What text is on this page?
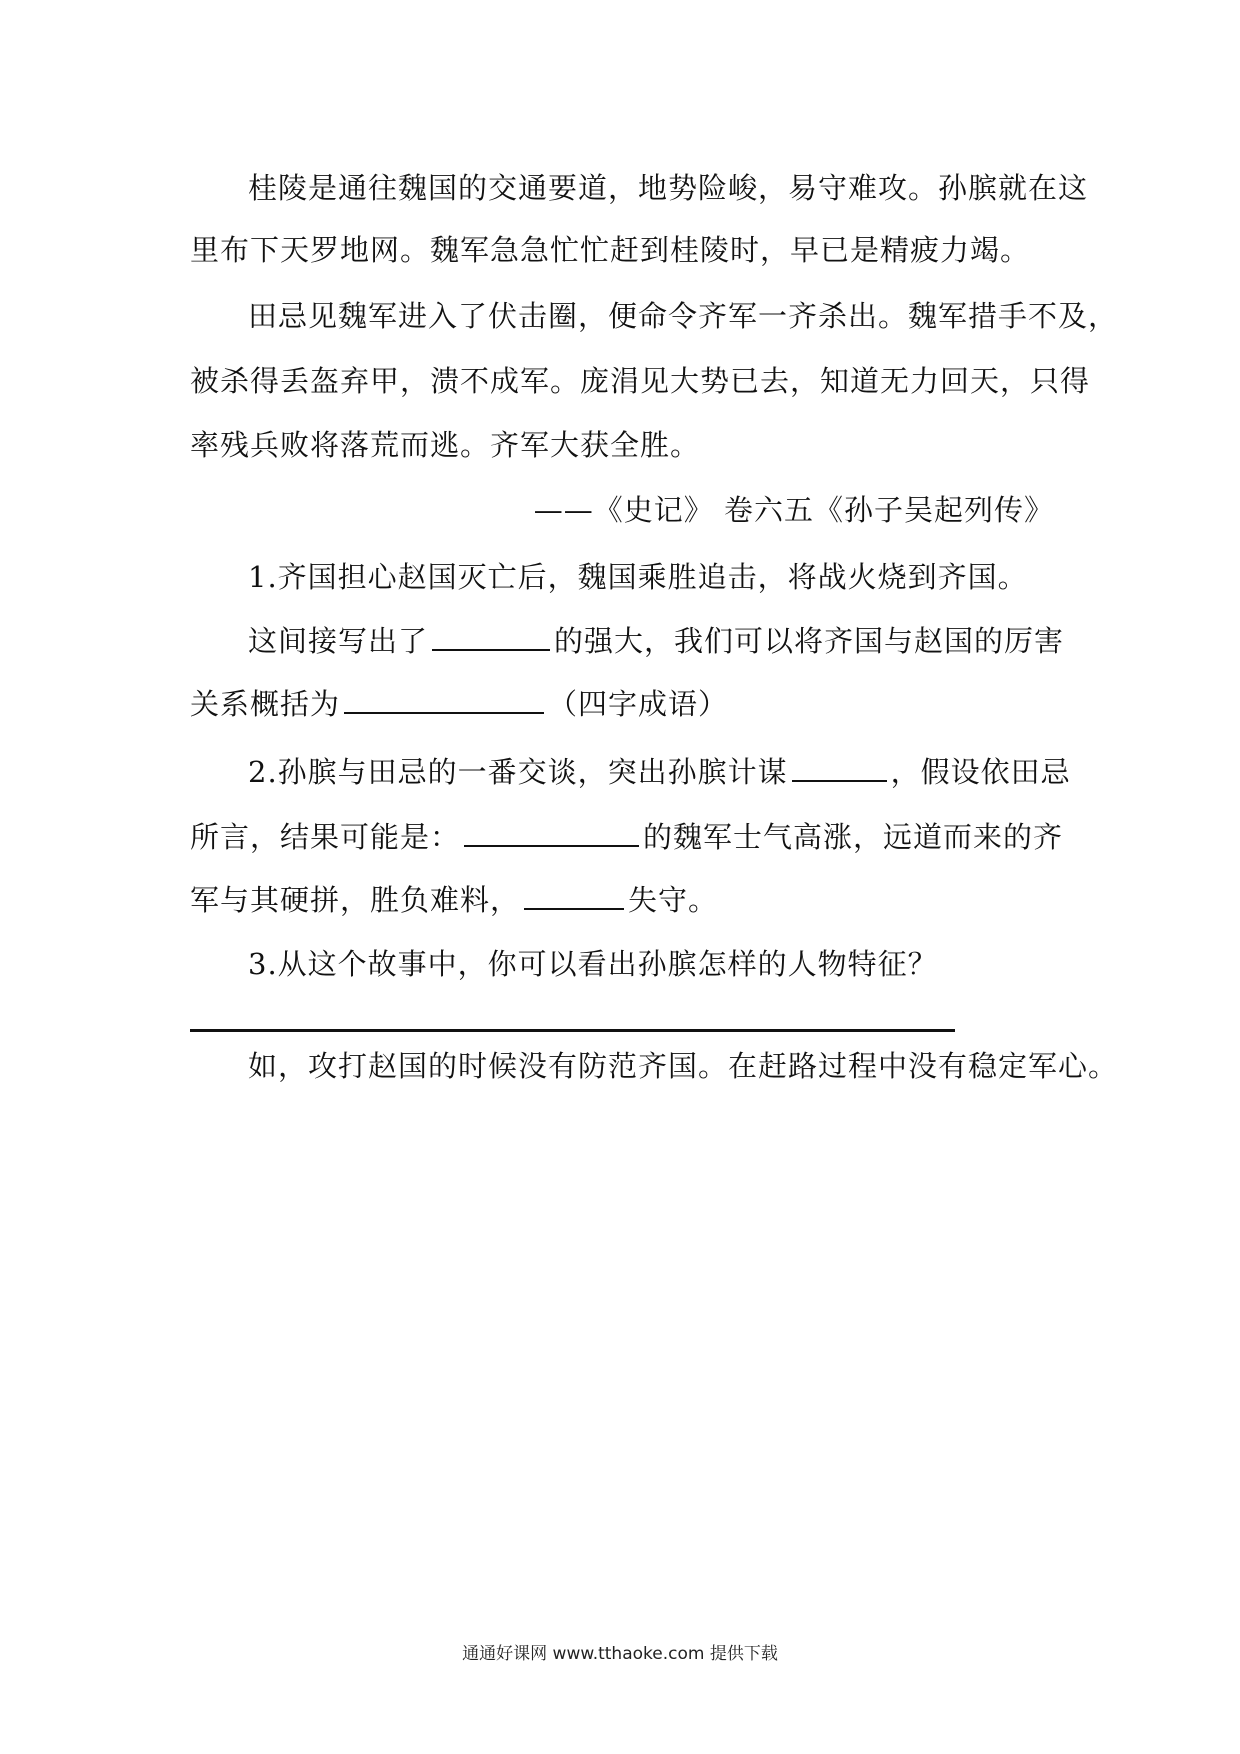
桂陵是通往魏国的交通要道，地势险峻，易守难攻。孙膑就在这
里布下天罗地网。魏军急急忙忙赶到桂陵时，早已是精疲力竭。
田忌见魏军进入了伏击圈，便命令齐军一齐杀出。魏军措手不及，
被杀得丢盔弃甲，溃不成军。庞涓见大势已去，知道无力回天，只得
率残兵败将落荒而逃。齐军大获全胜。
——《史记》 卷六五《孙子吴起列传》
1.齐国担心赵国灭亡后，魏国乘胜追击，将战火烧到齐国。
这间接写出了	的强大，我们可以将齐国与赵国的厉害
关系概括为	（四字成语）
2.孙膑与田忌的一番交谈，突出孙膑计谋	，假设依田忌
所言，结果可能是：	的魏军士气高涨，远道而来的齐
军与其硬拼，胜负难料，	失守。
3.从这个故事中，你可以看出孙膑怎样的人物特征？
如，攻打赵国的时候没有防范齐国。在赶路过程中没有稳定军心。
通通好课网 www.tthaoke.com 提供下载
